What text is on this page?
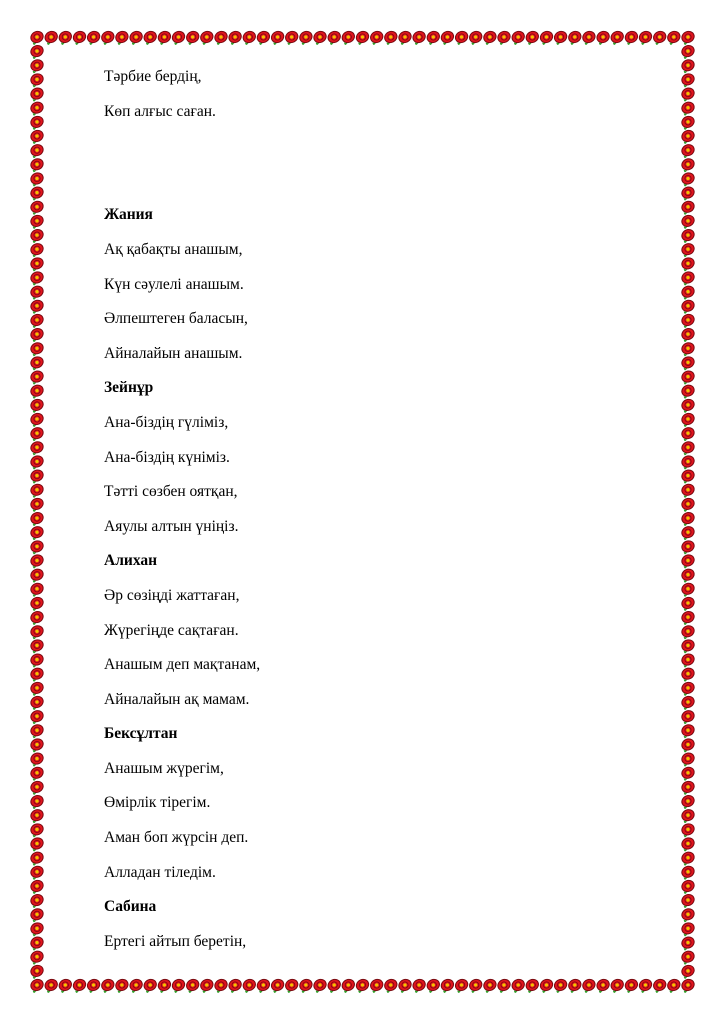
Тәрбие бердің,
Көп алғыс саған.
Жания
Ақ қабақты анашым,
Күн сәулелі анашым.
Әлпештеген баласын,
Айналайын анашым.
Зейнұр
Ана-біздің гүліміз,
Ана-біздің күніміз.
Тәтті сөзбен оятқан,
Аяулы алтын үніңіз.
Алихан
Әр сөзіңді жаттаған,
Жүрегіңде сақтаған.
Анашым деп мақтанам,
Айналайын ақ мамам.
Бексұлтан
Анашым жүрегім,
Өмірлік тірегім.
Аман боп жүрсін деп.
Алладан тіледім.
Сабина
Ертегі айтып беретін,
